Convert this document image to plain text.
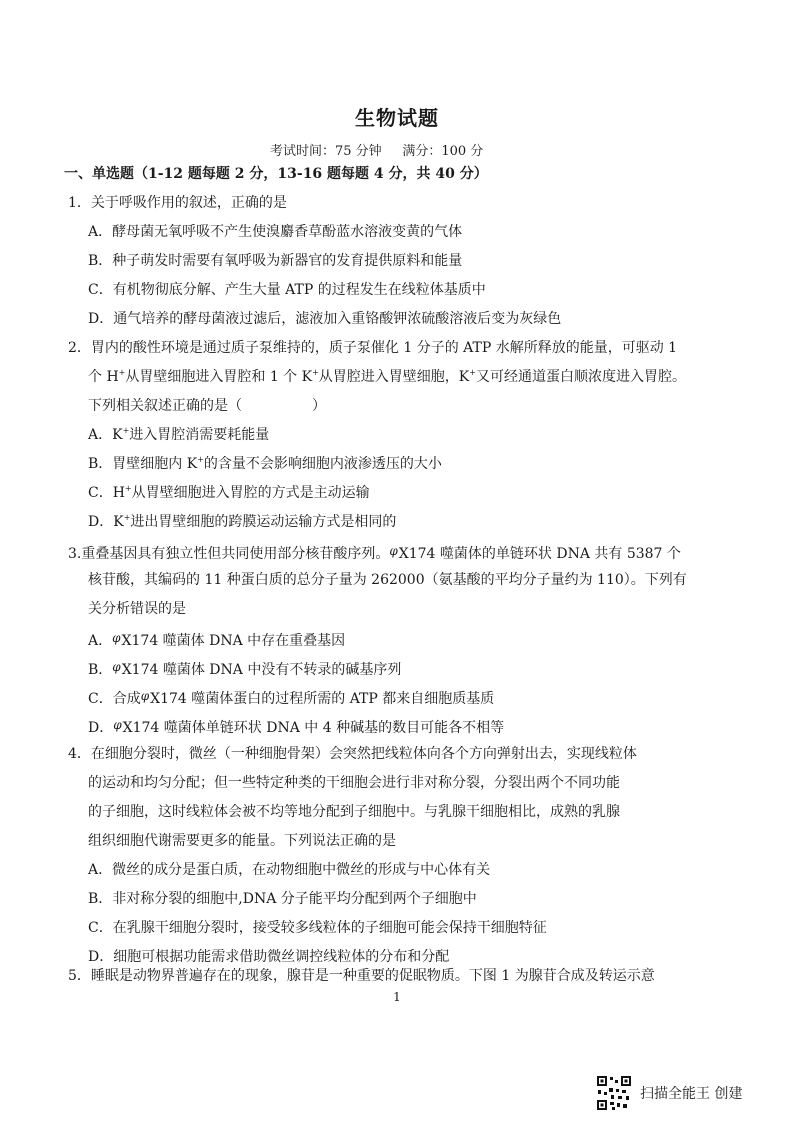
生物试题
考试时间：75 分钟     满分：100 分
一、单选题（1-12 题每题 2 分，13-16 题每题 4 分，共 40 分）
1．关于呼吸作用的叙述，正确的是
A．酵母菌无氧呼吸不产生使溴麝香草酚蓝水溶液变黄的气体
B．种子萌发时需要有氧呼吸为新器官的发育提供原料和能量
C．有机物彻底分解、产生大量 ATP 的过程发生在线粒体基质中
D．通气培养的酵母菌液过滤后，滤液加入重铬酸钾浓硫酸溶液后变为灰绿色
2．胃内的酸性环境是通过质子泵维持的，质子泵催化 1 分子的 ATP 水解所释放的能量，可驱动 1
个 H+从胃壁细胞进入胃腔和 1 个 K+从胃腔进入胃壁细胞，K+又可经通道蛋白顺浓度进入胃腔。
下列相关叙述正确的是（　　　　　）
A．K+进入胃腔消需要耗能量
B．胃壁细胞内 K+的含量不会影响细胞内液渗透压的大小
C．H+从胃壁细胞进入胃腔的方式是主动运输
D．K+进出胃壁细胞的跨膜运动运输方式是相同的
3.重叠基因具有独立性但共同使用部分核苷酸序列。φX174 噬菌体的单链环状 DNA 共有 5387 个
核苷酸，其编码的 11 种蛋白质的总分子量为 262000（氨基酸的平均分子量约为 110）。下列有
关分析错误的是
A．φX174 噬菌体 DNA 中存在重叠基因
B．φX174 噬菌体 DNA 中没有不转录的碱基序列
C．合成φX174 噬菌体蛋白的过程所需的 ATP 都来自细胞质基质
D．φX174 噬菌体单链环状 DNA 中 4 种碱基的数目可能各不相等
4．在细胞分裂时，微丝（一种细胞骨架）会突然把线粒体向各个方向弹射出去，实现线粒体
的运动和均匀分配；但一些特定种类的干细胞会进行非对称分裂，分裂出两个不同功能
的子细胞，这时线粒体会被不均等地分配到子细胞中。与乳腺干细胞相比，成熟的乳腺
组织细胞代谢需要更多的能量。下列说法正确的是
A．微丝的成分是蛋白质，在动物细胞中微丝的形成与中心体有关
B．非对称分裂的细胞中,DNA 分子能平均分配到两个子细胞中
C．在乳腺干细胞分裂时，接受较多线粒体的子细胞可能会保持干细胞特征
D．细胞可根据功能需求借助微丝调控线粒体的分布和分配
5．睡眠是动物界普遍存在的现象，腺苷是一种重要的促眠物质。下图 1 为腺苷合成及转运示意
1
扫描全能王 创建
